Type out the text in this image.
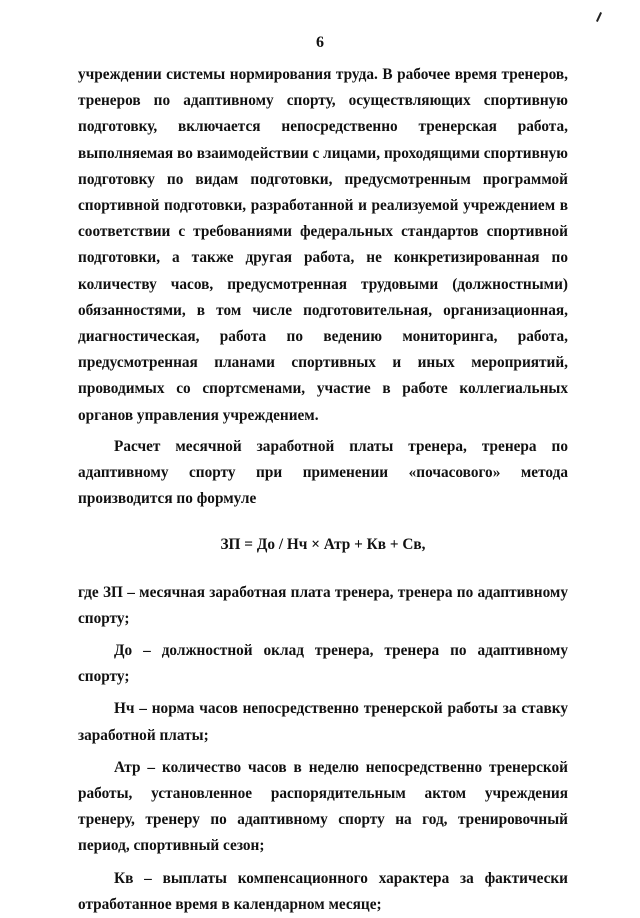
6

учреждении системы нормирования труда. В рабочее время тренеров, тренеров по адаптивному спорту, осуществляющих спортивную подготовку, включается непосредственно тренерская работа, выполняемая во взаимодействии с лицами, проходящими спортивную подготовку по видам подготовки, предусмотренным программой спортивной подготовки, разработанной и реализуемой учреждением в соответствии с требованиями федеральных стандартов спортивной подготовки, а также другая работа, не конкретизированная по количеству часов, предусмотренная трудовыми (должностными) обязанностями, в том числе подготовительная, организационная, диагностическая, работа по ведению мониторинга, работа, предусмотренная планами спортивных и иных мероприятий, проводимых со спортсменами, участие в работе коллегиальных органов управления учреждением.

Расчет месячной заработной платы тренера, тренера по адаптивному спорту при применении «почасового» метода производится по формуле

ЗП = До / Нч × Атр + Кв + Св,

где ЗП – месячная заработная плата тренера, тренера по адаптивному спорту;

До – должностной оклад тренера, тренера по адаптивному спорту;

Нч – норма часов непосредственно тренерской работы за ставку заработной платы;

Атр – количество часов в неделю непосредственно тренерской работы, установленное распорядительным актом учреждения тренеру, тренеру по адаптивному спорту на год, тренировочный период, спортивный сезон;

Кв – выплаты компенсационного характера за фактически отработанное время в календарном месяце;
